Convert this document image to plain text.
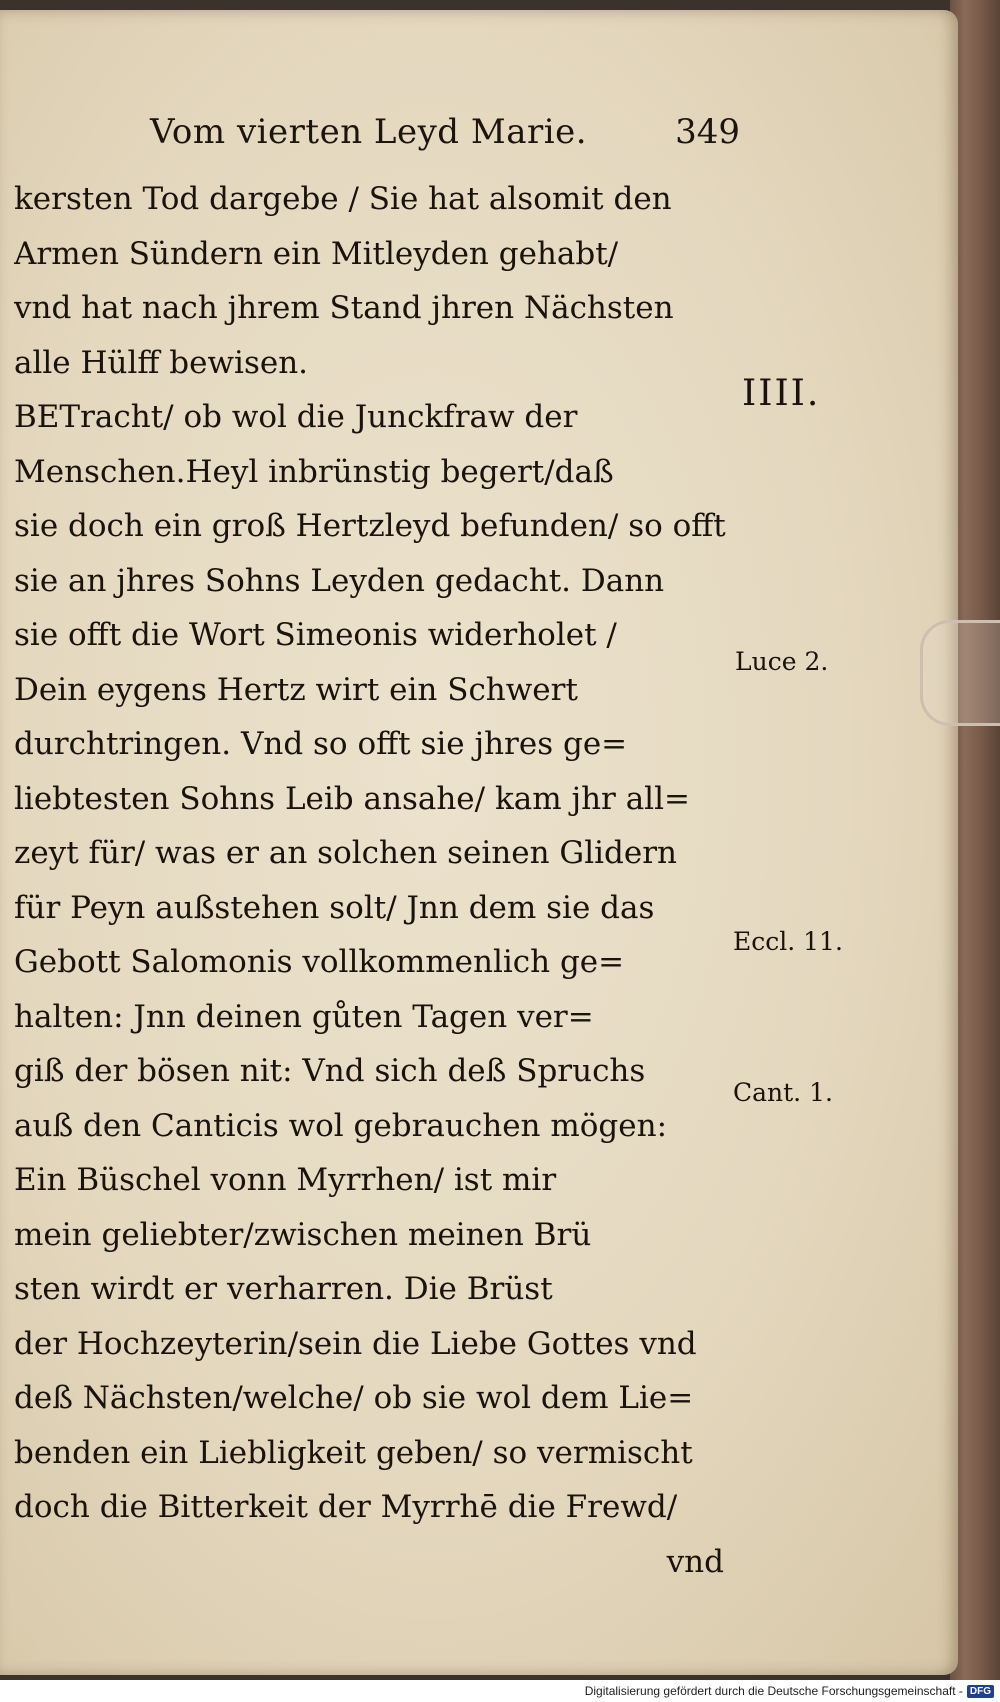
Vom vierten Leyd Marie.	349
kersten Tod dargebe / Sie hat alsomit den
Armen Sündern ein Mitleyden gehabt/
vnd hat nach jhrem Stand jhren Nächsten
alle Hülff bewisen.
BETracht/ ob wol die Junckfraw der
Menschen.Heyl inbrünstig begert/daß
sie doch ein groß Hertzleyd befunden/ so offt
sie an jhres Sohns Leyden gedacht. Dann
sie offt die Wort Simeonis widerholet /
Dein eygens Hertz wirt ein Schwert
durchtringen. Vnd so offt sie jhres ge=
liebtesten Sohns Leib ansahe/ kam jhr all=
zeyt für/ was er an solchen seinen Glidern
für Peyn außstehen solt/ Jnn dem sie das
Gebott Salomonis vollkommenlich ge=
halten: Jnn deinen gůten Tagen ver=
giß der bösen nit: Vnd sich deß Spruchs
auß den Canticis wol gebrauchen mögen:
Ein Büschel vonn Myrrhen/ ist mir
mein geliebter/zwischen meinen Brü
sten wirdt er verharren. Die Brüst
der Hochzeyterin/sein die Liebe Gottes vnd
deß Nächsten/welche/ ob sie wol dem Lie=
benden ein Liebligkeit geben/ so vermischt
doch die Bitterkeit der Myrrhē die Frewd/
vnd
IIII.
Luce 2.
Eccl. 11.
Cant. 1.
Digitalisierung gefördert durch die Deutsche Forschungsgemeinschaft - DFG
